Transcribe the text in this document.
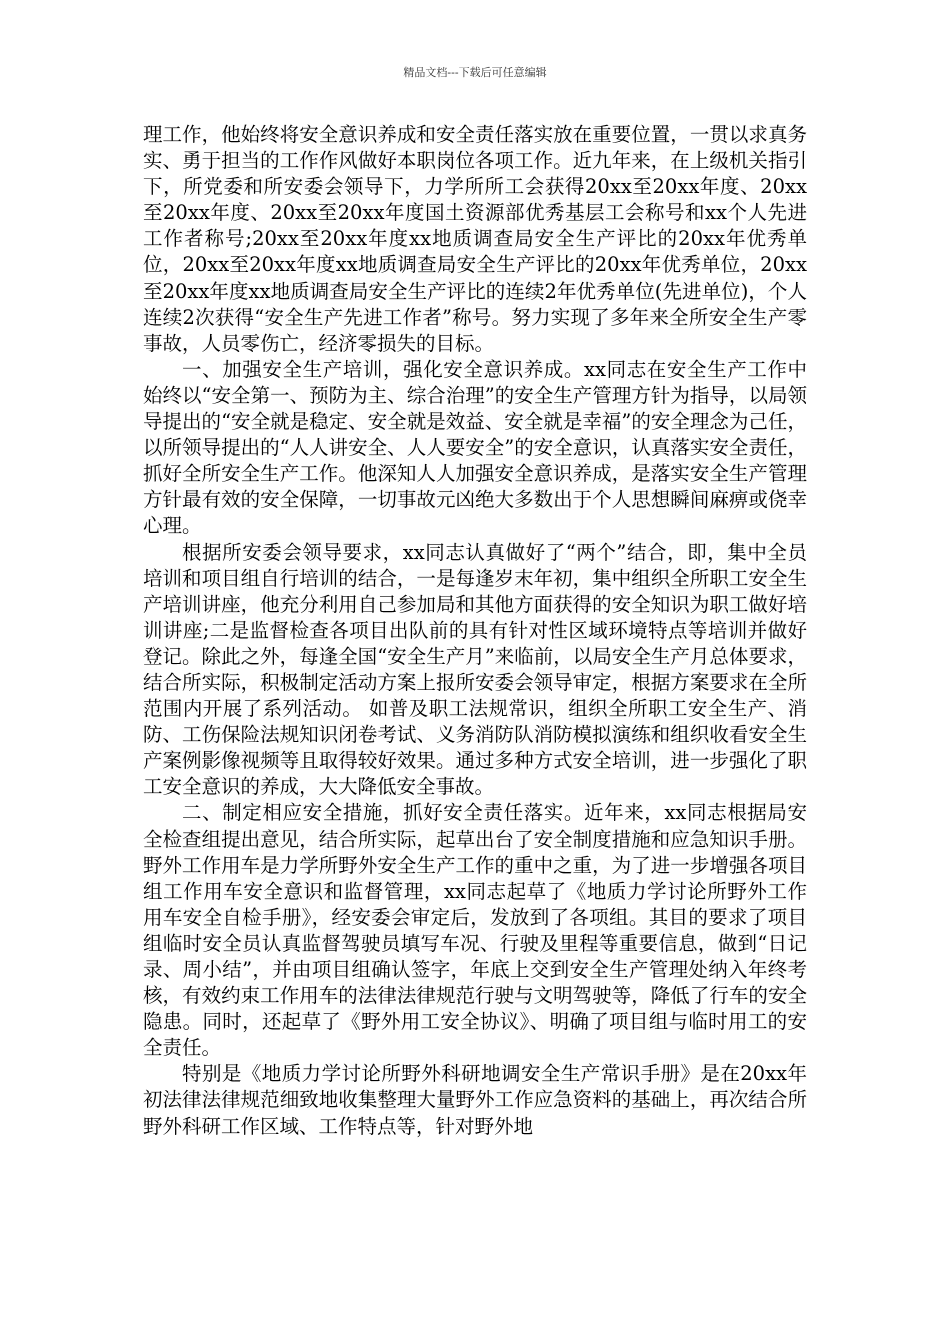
精品文档---下载后可任意编辑

理工作，他始终将安全意识养成和安全责任落实放在重要位置，一贯以求真务实、勇于担当的工作作风做好本职岗位各项工作。近九年来，在上级机关指引下，所党委和所安委会领导下，力学所所工会获得20xx至20xx年度、20xx至20xx年度、20xx至20xx年度国土资源部优秀基层工会称号和xx个人先进工作者称号;20xx至20xx年度xx地质调查局安全生产评比的20xx年优秀单位，20xx至20xx年度xx地质调查局安全生产评比的20xx年优秀单位，20xx至20xx年度xx地质调查局安全生产评比的连续2年优秀单位(先进单位)，个人连续2次获得“安全生产先进工作者”称号。努力实现了多年来全所安全生产零事故，人员零伤亡，经济零损失的目标。

一、加强安全生产培训，强化安全意识养成。xx同志在安全生产工作中始终以“安全第一、预防为主、综合治理”的安全生产管理方针为指导，以局领导提出的“安全就是稳定、安全就是效益、安全就是幸福”的安全理念为己任，以所领导提出的“人人讲安全、人人要安全”的安全意识，认真落实安全责任，抓好全所安全生产工作。他深知人人加强安全意识养成，是落实安全生产管理方针最有效的安全保障，一切事故元凶绝大多数出于个人思想瞬间麻痹或侥幸心理。

根据所安委会领导要求，xx同志认真做好了“两个”结合，即，集中全员培训和项目组自行培训的结合，一是每逢岁末年初，集中组织全所职工安全生产培训讲座，他充分利用自己参加局和其他方面获得的安全知识为职工做好培训讲座;二是监督检查各项目出队前的具有针对性区域环境特点等培训并做好登记。除此之外，每逢全国“安全生产月”来临前，以局安全生产月总体要求，结合所实际，积极制定活动方案上报所安委会领导审定，根据方案要求在全所范围内开展了系列活动。 如普及职工法规常识，组织全所职工安全生产、消防、工伤保险法规知识闭卷考试、义务消防队消防模拟演练和组织收看安全生产案例影像视频等且取得较好效果。通过多种方式安全培训，进一步强化了职工安全意识的养成，大大降低安全事故。

二、制定相应安全措施，抓好安全责任落实。近年来，xx同志根据局安全检查组提出意见，结合所实际，起草出台了安全制度措施和应急知识手册。 野外工作用车是力学所野外安全生产工作的重中之重，为了进一步增强各项目组工作用车安全意识和监督管理，xx同志起草了《地质力学讨论所野外工作用车安全自检手册》，经安委会审定后，发放到了各项组。其目的要求了项目组临时安全员认真监督驾驶员填写车况、行驶及里程等重要信息，做到“日记录、周小结”，并由项目组确认签字，年底上交到安全生产管理处纳入年终考核，有效约束工作用车的法律法律规范行驶与文明驾驶等，降低了行车的安全隐患。同时，还起草了《野外用工安全协议》、明确了项目组与临时用工的安全责任。

特别是《地质力学讨论所野外科研地调安全生产常识手册》是在20xx年初法律法律规范细致地收集整理大量野外工作应急资料的基础上，再次结合所野外科研工作区域、工作特点等，针对野外地
